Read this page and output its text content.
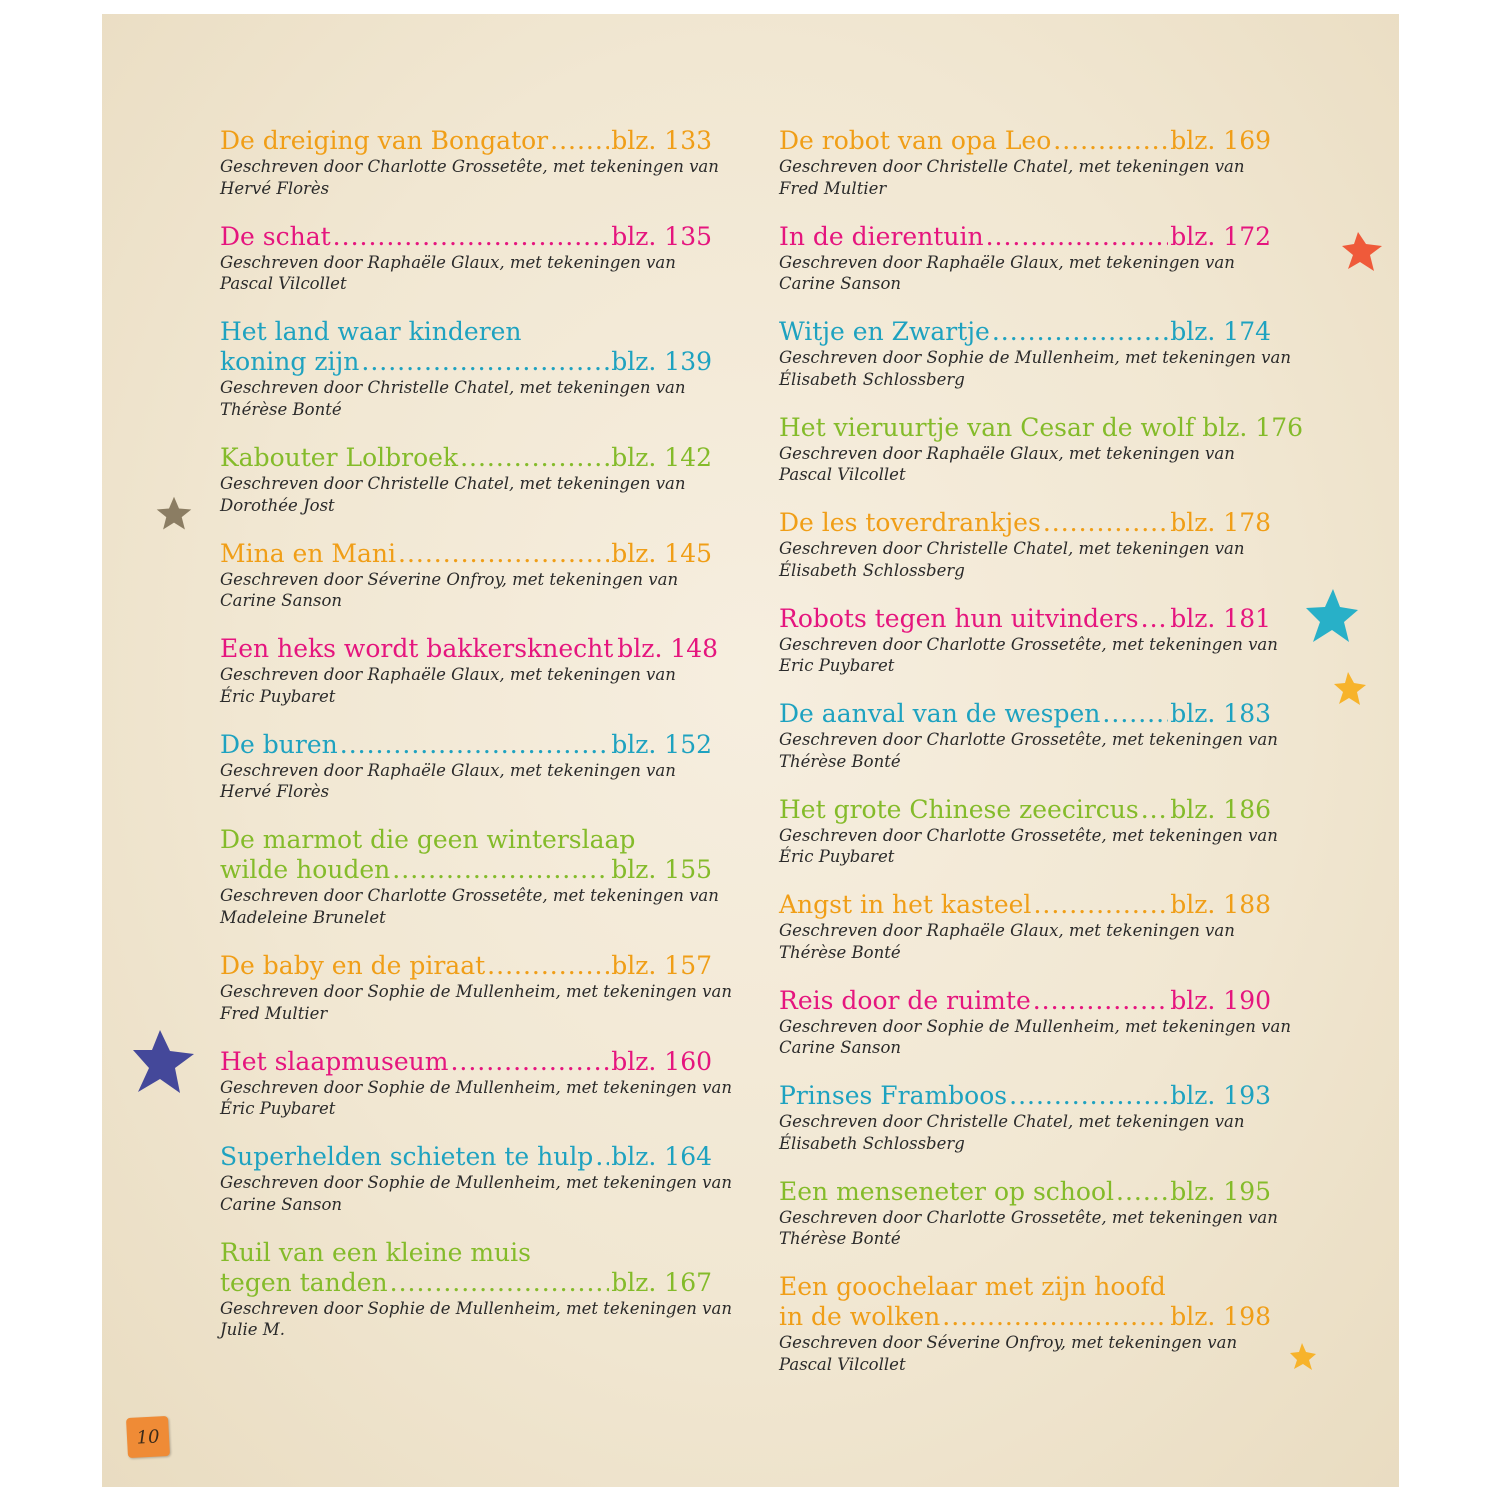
De dreiging van Bongator .....	blz. 133
Geschreven door Charlotte Grossetête, met tekeningen van
Hervé Florès
De schat .....	blz. 135
Geschreven door Raphaële Glaux, met tekeningen van
Pascal Vilcollet
Het land waar kinderen
koning zijn .....	blz. 139
Geschreven door Christelle Chatel, met tekeningen van
Thérèse Bonté
Kabouter Lolbroek .....	blz. 142
Geschreven door Christelle Chatel, met tekeningen van
Dorothée Jost
Mina en Mani .....	blz. 145
Geschreven door Séverine Onfroy, met tekeningen van
Carine Sanson
Een heks wordt bakkersknecht blz. 148
Geschreven door Raphaële Glaux, met tekeningen van
Éric Puybaret
De buren .....	blz. 152
Geschreven door Raphaële Glaux, met tekeningen van
Hervé Florès
De marmot die geen winterslaap
wilde houden .....	blz. 155
Geschreven door Charlotte Grossetête, met tekeningen van
Madeleine Brunelet
De baby en de piraat .....	blz. 157
Geschreven door Sophie de Mullenheim, met tekeningen van
Fred Multier
Het slaapmuseum .....	blz. 160
Geschreven door Sophie de Mullenheim, met tekeningen van
Éric Puybaret
Superhelden schieten te hulp ..... blz. 164
Geschreven door Sophie de Mullenheim, met tekeningen van
Carine Sanson
Ruil van een kleine muis
tegen tanden .....	blz. 167
Geschreven door Sophie de Mullenheim, met tekeningen van
Julie M.
De robot van opa Leo .....	blz. 169
Geschreven door Christelle Chatel, met tekeningen van
Fred Multier
In de dierentuin .....	blz. 172
Geschreven door Raphaële Glaux, met tekeningen van
Carine Sanson
Witje en Zwartje .....	blz. 174
Geschreven door Sophie de Mullenheim, met tekeningen van
Élisabeth Schlossberg
Het vieruurtje van Cesar de wolf blz. 176
Geschreven door Raphaële Glaux, met tekeningen van
Pascal Vilcollet
De les toverdrankjes .....	blz. 178
Geschreven door Christelle Chatel, met tekeningen van
Élisabeth Schlossberg
Robots tegen hun uitvinders ..... blz. 181
Geschreven door Charlotte Grossetête, met tekeningen van
Eric Puybaret
De aanval van de wespen .....	blz. 183
Geschreven door Charlotte Grossetête, met tekeningen van
Thérèse Bonté
Het grote Chinese zeecircus ..... blz. 186
Geschreven door Charlotte Grossetête, met tekeningen van
Éric Puybaret
Angst in het kasteel .....	blz. 188
Geschreven door Raphaële Glaux, met tekeningen van
Thérèse Bonté
Reis door de ruimte .....	blz. 190
Geschreven door Sophie de Mullenheim, met tekeningen van
Carine Sanson
Prinses Framboos .....	blz. 193
Geschreven door Christelle Chatel, met tekeningen van
Élisabeth Schlossberg
Een menseneter op school ..... blz. 195
Geschreven door Charlotte Grossetête, met tekeningen van
Thérèse Bonté
Een goochelaar met zijn hoofd
in de wolken .....	blz. 198
Geschreven door Séverine Onfroy, met tekeningen van
Pascal Vilcollet
10
